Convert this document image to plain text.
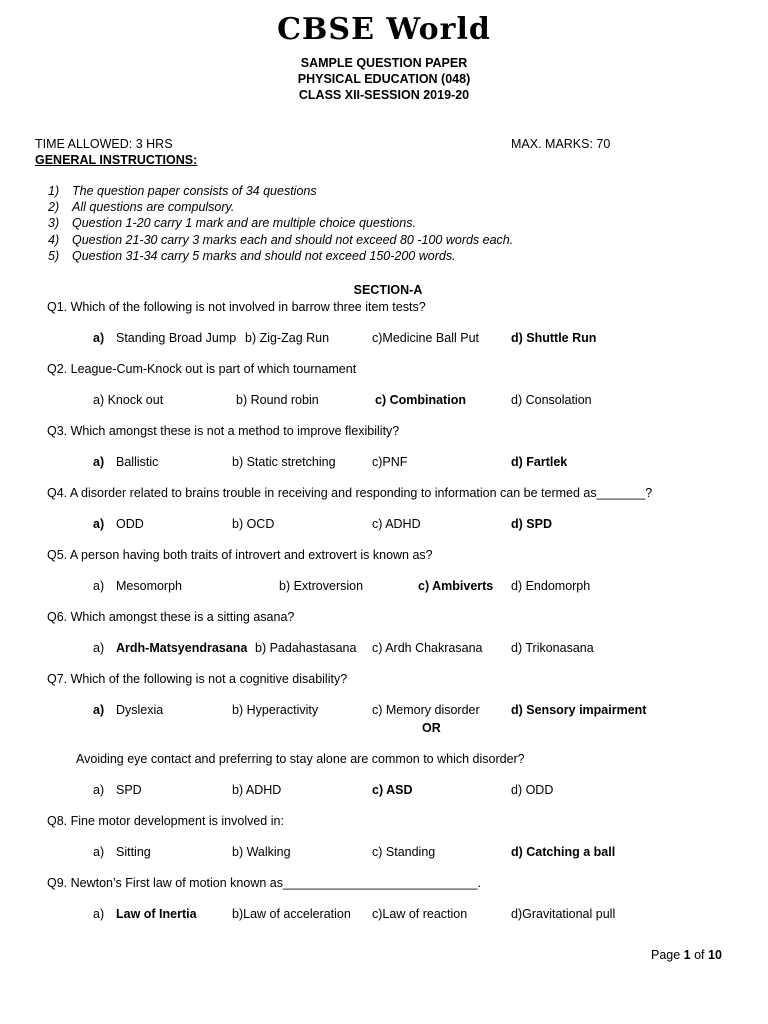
CBSE World
SAMPLE QUESTION PAPER
PHYSICAL EDUCATION (048)
CLASS XII-SESSION 2019-20
TIME ALLOWED: 3 HRS	MAX. MARKS: 70
GENERAL INSTRUCTIONS:
1) The question paper consists of 34 questions
2) All questions are compulsory.
3) Question 1-20 carry 1 mark and are multiple choice questions.
4) Question 21-30 carry 3 marks each and should not exceed 80 -100 words each.
5) Question 31-34 carry 5 marks and should not exceed 150-200 words.
SECTION-A
Q1. Which of the following is not involved in barrow three item tests?
a) Standing Broad Jump b) Zig-Zag Run	c)Medicine Ball Put	d) Shuttle Run
Q2. League-Cum-Knock out is part of which tournament
a) Knock out	b) Round robin	c) Combination	d) Consolation
Q3. Which amongst these is not a method to improve flexibility?
a) Ballistic	b) Static stretching	c)PNF	d) Fartlek
Q4. A disorder related to brains trouble in receiving and responding to information can be termed as_______?
a) ODD	b) OCD	c) ADHD	d) SPD
Q5. A person having both traits of introvert and extrovert is known as?
a) Mesomorph	b) Extroversion	c) Ambiverts d) Endomorph
Q6. Which amongst these is a sitting asana?
a) Ardh-Matsyendrasana b) Padahastasana c) Ardh Chakrasana d) Trikonasana
Q7. Which of the following is not a cognitive disability?
a) Dyslexia	b) Hyperactivity	c) Memory disorder	d) Sensory impairment
OR
Avoiding eye contact and preferring to stay alone are common to which disorder?
a) SPD	b) ADHD	c) ASD	d) ODD
Q8. Fine motor development is involved in:
a) Sitting	b) Walking	c) Standing	d) Catching a ball
Q9. Newton’s First law of motion known as____________________________.
a) Law of Inertia	b)Law of acceleration c)Law of reaction	d)Gravitational pull
Page 1 of 10
